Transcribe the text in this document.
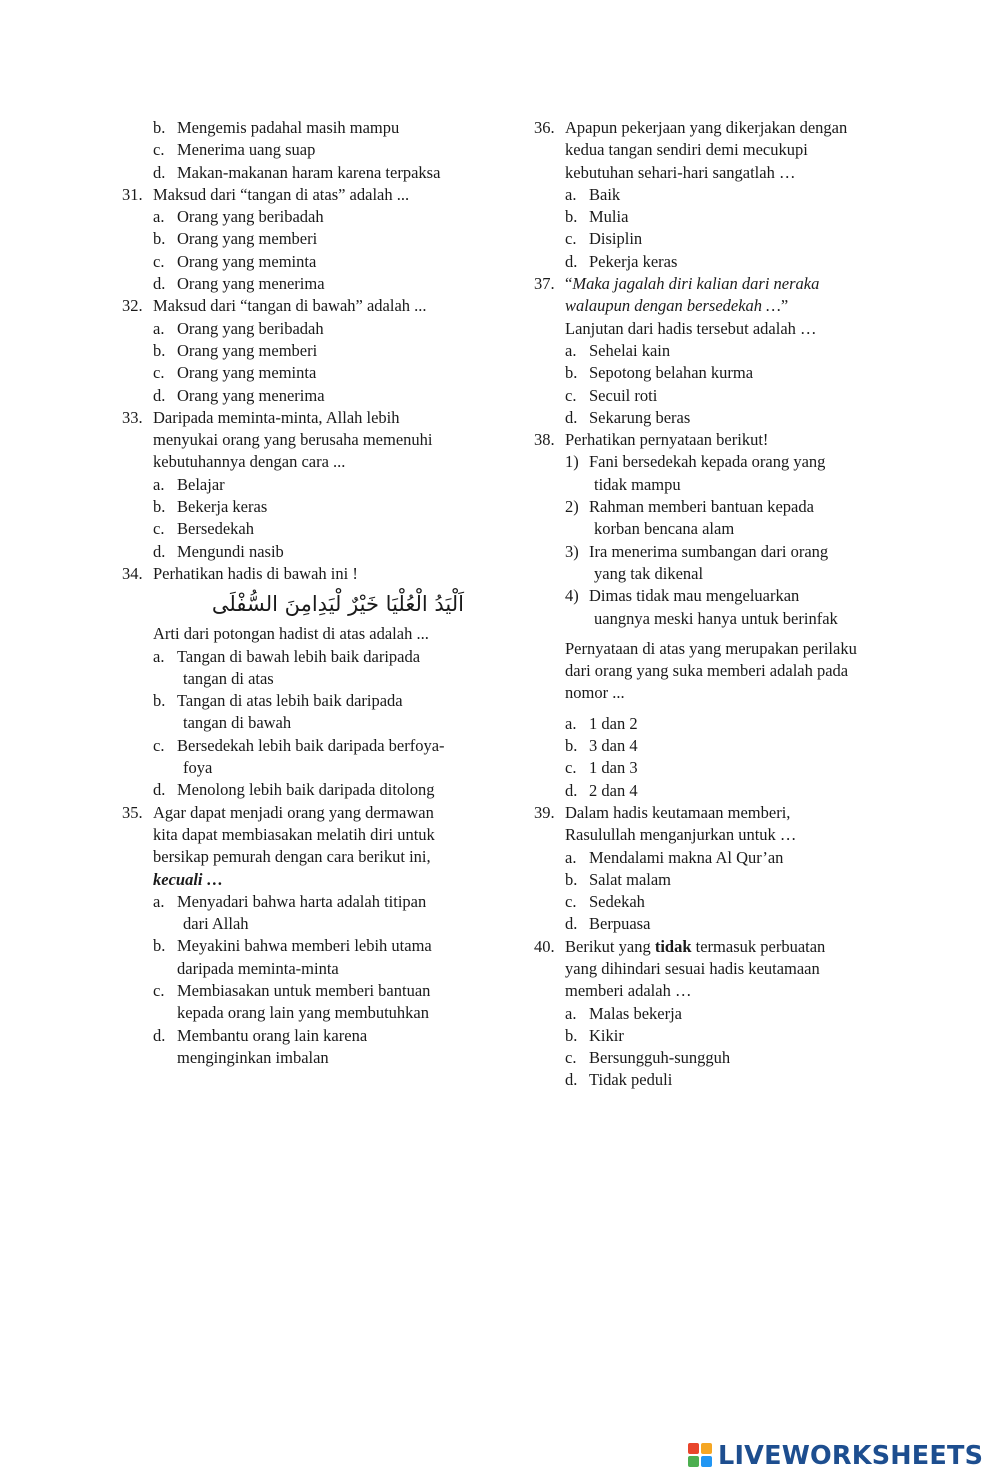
b. Mengemis padahal masih mampu
c. Menerima uang suap
d. Makan-makanan haram karena terpaksa
31. Maksud dari “tangan di atas” adalah ...
a. Orang yang beribadah
b. Orang yang memberi
c. Orang yang meminta
d. Orang yang menerima
32. Maksud dari “tangan di bawah” adalah ...
a. Orang yang beribadah
b. Orang yang memberi
c. Orang yang meminta
d. Orang yang menerima
33. Daripada meminta-minta, Allah lebih
menyukai orang yang berusaha memenuhi
kebutuhannya dengan cara ...
a. Belajar
b. Bekerja keras
c. Bersedekah
d. Mengundi nasib
34. Perhatikan hadis di bawah ini !
اَلْيَدُ الْعُلْيَا خَيْرٌ لْيَدِامِنَ السُّفْلَى
Arti dari potongan hadist di atas adalah ...
a. Tangan di bawah lebih baik daripada
tangan di atas
b. Tangan di atas lebih baik daripada
tangan di bawah
c. Bersedekah lebih baik daripada berfoya-
foya
d. Menolong lebih baik daripada ditolong
35. Agar dapat menjadi orang yang dermawan
kita dapat membiasakan melatih diri untuk
bersikap pemurah dengan cara berikut ini,
kecuali …
a. Menyadari bahwa harta adalah titipan
dari Allah
b. Meyakini bahwa memberi lebih utama
daripada meminta-minta
c. Membiasakan untuk memberi bantuan
kepada orang lain yang membutuhkan
d. Membantu orang lain karena
menginginkan imbalan
36. Apapun pekerjaan yang dikerjakan dengan
kedua tangan sendiri demi mecukupi
kebutuhan sehari-hari sangatlah …
a. Baik
b. Mulia
c. Disiplin
d. Pekerja keras
37. “Maka jagalah diri kalian dari neraka
walaupun dengan bersedekah …”
Lanjutan dari hadis tersebut adalah …
a. Sehelai kain
b. Sepotong belahan kurma
c. Secuil roti
d. Sekarung beras
38. Perhatikan pernyataan berikut!
1) Fani bersedekah kepada orang yang
tidak mampu
2) Rahman memberi bantuan kepada
korban bencana alam
3) Ira menerima sumbangan dari orang
yang tak dikenal
4) Dimas tidak mau mengeluarkan
uangnya meski hanya untuk berinfak
Pernyataan di atas yang merupakan perilaku
dari orang yang suka memberi adalah pada
nomor ...
a. 1 dan 2
b. 3 dan 4
c. 1 dan 3
d. 2 dan 4
39. Dalam hadis keutamaan memberi,
Rasulullah menganjurkan untuk …
a. Mendalami makna Al Qur’an
b. Salat malam
c. Sedekah
d. Berpuasa
40. Berikut yang tidak termasuk perbuatan
yang dihindari sesuai hadis keutamaan
memberi adalah …
a. Malas bekerja
b. Kikir
c. Bersungguh-sungguh
d. Tidak peduli
LIVEWORKSHEETS
